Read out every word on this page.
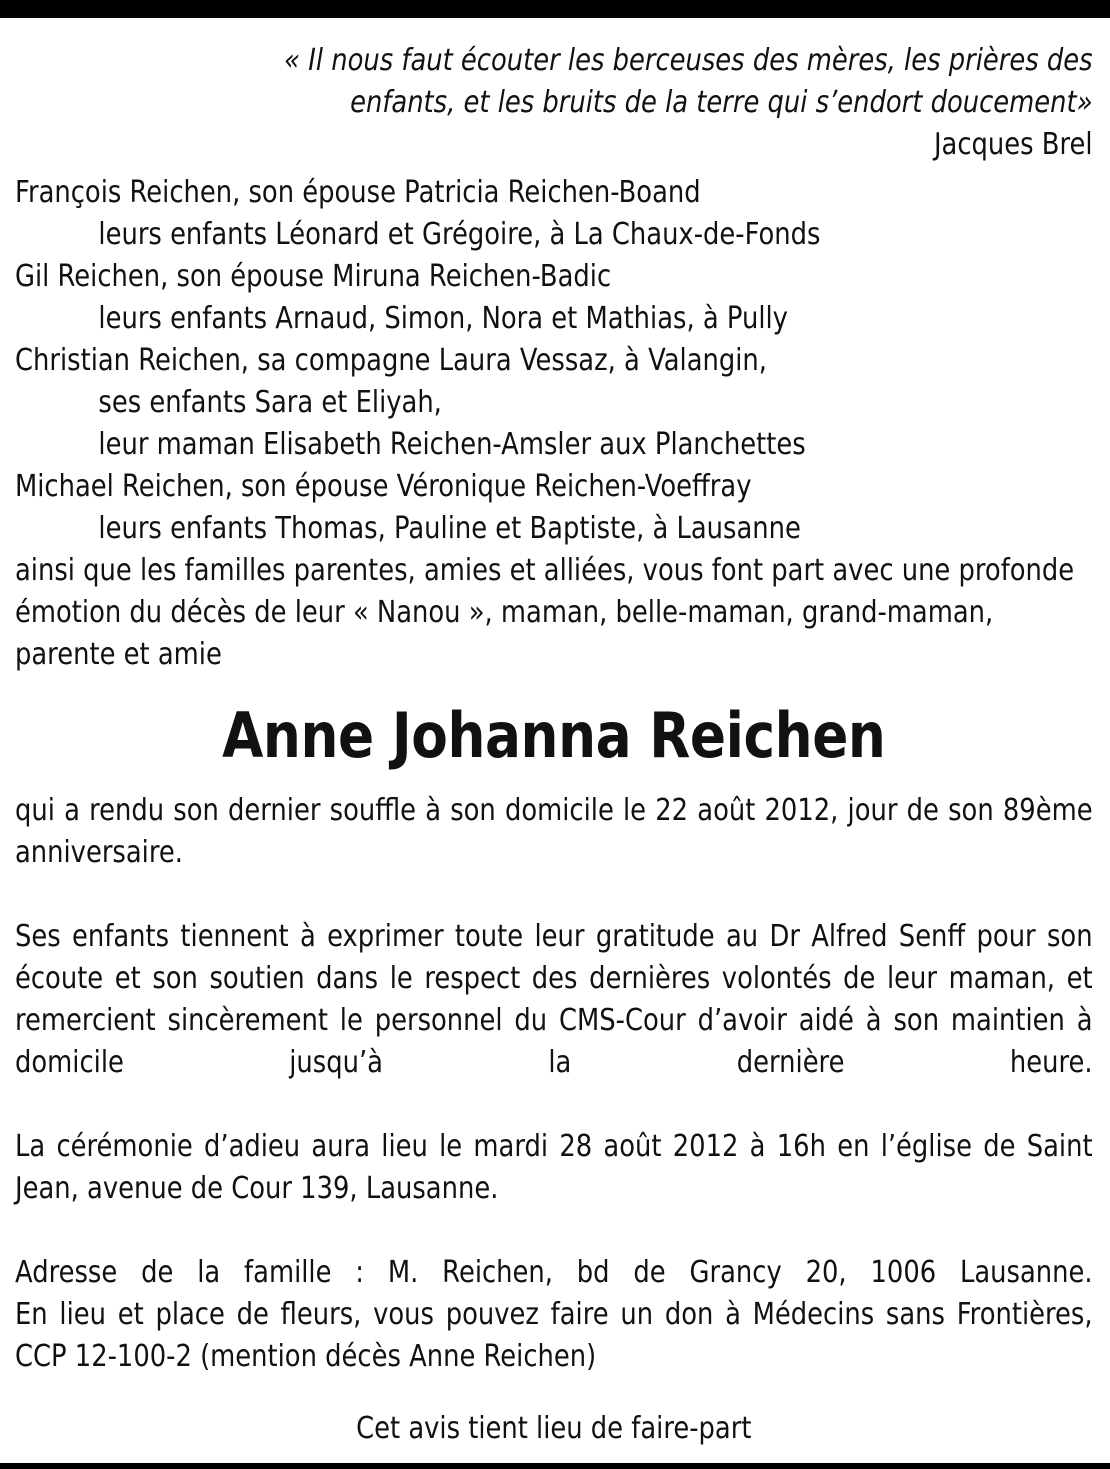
« Il nous faut écouter les berceuses des mères, les prières des
enfants, et les bruits de la terre qui s’endort doucement»
Jacques Brel
François Reichen, son épouse Patricia Reichen-Boand
leurs enfants Léonard et Grégoire, à La Chaux-de-Fonds
Gil Reichen, son épouse Miruna Reichen-Badic
leurs enfants Arnaud, Simon, Nora et Mathias, à Pully
Christian Reichen, sa compagne Laura Vessaz, à Valangin,
ses enfants Sara et Eliyah,
leur maman Elisabeth Reichen-Amsler aux Planchettes
Michael Reichen, son épouse Véronique Reichen-Voeffray
leurs enfants Thomas, Pauline et Baptiste, à Lausanne

ainsi que les familles parentes, amies et alliées, vous font part avec une profonde émotion du décès de leur « Nanou », maman, belle-maman, grand-maman, parente et amie

Anne Johanna Reichen

qui a rendu son dernier souffle à son domicile le 22 août 2012, jour de son 89ème anniversaire.

Ses enfants tiennent à exprimer toute leur gratitude au Dr Alfred Senff pour son écoute et son soutien dans le respect des dernières volontés de leur maman, et remercient sincèrement le personnel du CMS-Cour d’avoir aidé à son maintien à domicile jusqu’à la dernière heure.

La cérémonie d’adieu aura lieu le mardi 28 août 2012 à 16h en l’église de Saint Jean, avenue de Cour 139, Lausanne.

Adresse de la famille : M. Reichen, bd de Grancy 20, 1006 Lausanne.

En lieu et place de fleurs, vous pouvez faire un don à Médecins sans Frontières, CCP 12-100-2 (mention décès Anne Reichen)

Cet avis tient lieu de faire-part
